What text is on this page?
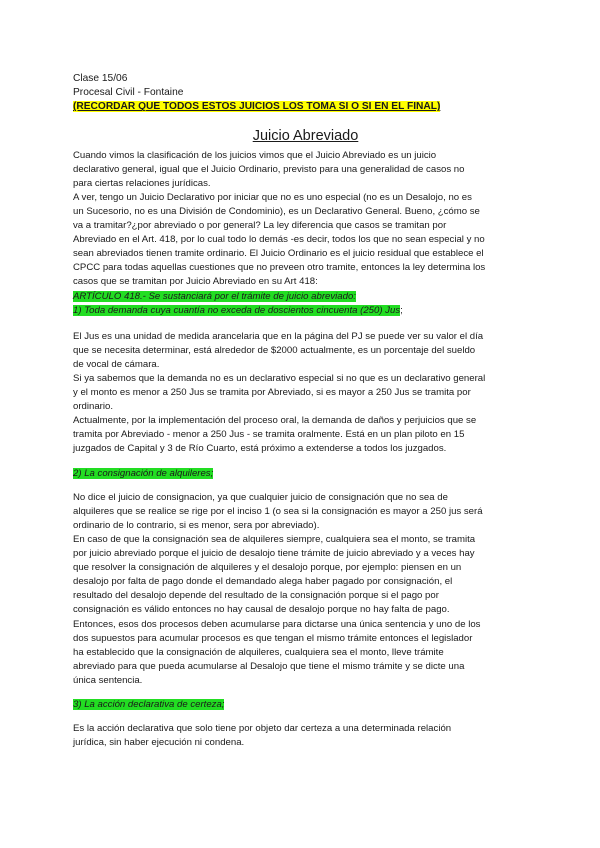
Clase 15/06
Procesal Civil - Fontaine
(RECORDAR QUE TODOS ESTOS JUICIOS LOS TOMA SI O SI EN EL FINAL)
Juicio Abreviado
Cuando vimos la clasificación de los juicios vimos que el Juicio Abreviado es un juicio
declarativo general, igual que el Juicio Ordinario, previsto para una generalidad de casos no
para ciertas relaciones jurídicas.
A ver, tengo un Juicio Declarativo por iniciar que no es uno especial (no es un Desalojo, no es
un Sucesorio, no es una División de Condominio), es un Declarativo General. Bueno, ¿cómo se
va a tramitar?¿por abreviado o por general? La ley diferencia que casos se tramitan por
Abreviado en el Art. 418, por lo cual todo lo demás -es decir, todos los que no sean especial y no
sean abreviados tienen tramite ordinario. El Juicio Ordinario es el juicio residual que establece el
CPCC para todas aquellas cuestiones que no preveen otro tramite, entonces la ley determina los
casos que se tramitan por Juicio Abreviado en su Art 418:
ARTÍCULO 418.- Se sustanciará por el trámite de juicio abreviado:
1) Toda demanda cuya cuantía no exceda de doscientos cincuenta (250) Jus;
El Jus es una unidad de medida arancelaria que en la página del PJ se puede ver su valor el día
que se necesita determinar, está alrededor de $2000 actualmente, es un porcentaje del sueldo
de vocal de cámara.
Si ya sabemos que la demanda no es un declarativo especial si no que es un declarativo general
y el monto es menor a 250 Jus se tramita por Abreviado, si es mayor a 250 Jus se tramita por
ordinario.
Actualmente, por la implementación del proceso oral, la demanda de daños y perjuicios que se
tramita por Abreviado - menor a 250 Jus - se tramita oralmente. Está en un plan piloto en 15
juzgados de Capital y 3 de Río Cuarto, está próximo a extenderse a todos los juzgados.
2) La consignación de alquileres;
No dice el juicio de consignacion, ya que cualquier juicio de consignación que no sea de
alquileres que se realice se rige por el inciso 1 (o sea si la consignación es mayor a 250 jus será
ordinario de lo contrario, si es menor, sera por abreviado).
En caso de que la consignación sea de alquileres siempre, cualquiera sea el monto, se tramita
por juicio abreviado porque el juicio de desalojo tiene trámite de juicio abreviado y a veces hay
que resolver la consignación de alquileres y el desalojo porque, por ejemplo: piensen en un
desalojo por falta de pago donde el demandado alega haber pagado por consignación, el
resultado del desalojo depende del resultado de la consignación porque si el pago por
consignación es válido entonces no hay causal de desalojo porque no hay falta de pago.
Entonces, esos dos procesos deben acumularse para dictarse una única sentencia y uno de los
dos supuestos para acumular procesos es que tengan el mismo trámite entonces el legislador
ha establecido que la consignación de alquileres, cualquiera sea el monto, lleve trámite
abreviado para que pueda acumularse al Desalojo que tiene el mismo trámite y se dicte una
única sentencia.
3) La acción declarativa de certeza;
Es la acción declarativa que solo tiene por objeto dar certeza a una determinada relación
jurídica, sin haber ejecución ni condena.
